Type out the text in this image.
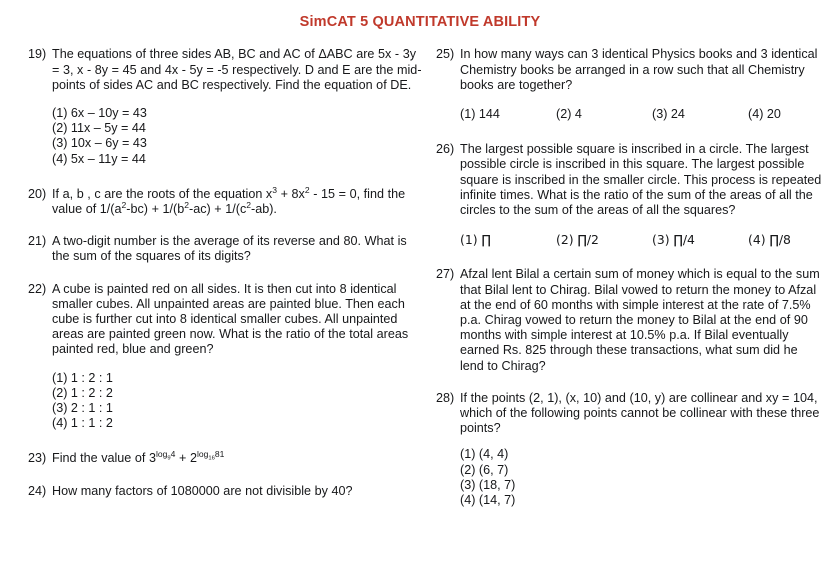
SimCAT 5 QUANTITATIVE ABILITY
19) The equations of three sides AB, BC and AC of ΔABC are 5x - 3y = 3, x - 8y = 45 and 4x - 5y = -5 respectively. D and E are the mid-points of sides AC and BC respectively. Find the equation of DE.
(1) 6x – 10y = 43
(2) 11x – 5y = 44
(3) 10x – 6y = 43
(4) 5x – 11y = 44
20) If a, b , c are the roots of the equation $x^3 + 8x^2 - 15 = 0$, find the value of $1/(a^2-bc) + 1/(b^2-ac) + 1/(c^2-ab)$.
21) A two-digit number is the average of its reverse and 80. What is the sum of the squares of its digits?
22) A cube is painted red on all sides. It is then cut into 8 identical smaller cubes. All unpainted areas are painted blue. Then each cube is further cut into 8 identical smaller cubes. All unpainted areas are painted green now. What is the ratio of the total areas painted red, blue and green?
(1) 1 : 2 : 1
(2) 1 : 2 : 2
(3) 2 : 1 : 1
(4) 1 : 1 : 2
23) Find the value of $3^{log_94} + 2^{log_{16}81}$
24) How many factors of 1080000 are not divisible by 40?
25) In how many ways can 3 identical Physics books and 3 identical Chemistry books be arranged in a row such that all Chemistry books are together?
(1) 144	(2) 4	(3) 24	(4) 20
26) The largest possible square is inscribed in a circle. The largest possible circle is inscribed in this square. The largest possible square is inscribed in the smaller circle. This process is repeated infinite times. What is the ratio of the sum of the areas of all the circles to the sum of the areas of all the squares?
(1) ∏	(2) ∏/2	(3) ∏/4	(4) ∏/8
27) Afzal lent Bilal a certain sum of money which is equal to the sum that Bilal lent to Chirag. Bilal vowed to return the money to Afzal at the end of 60 months with simple interest at the rate of 7.5% p.a. Chirag vowed to return the money to Bilal at the end of 90 months with simple interest at 10.5% p.a. If Bilal eventually earned Rs. 825 through these transactions, what sum did he lend to Chirag?
28) If the points (2, 1), (x, 10) and (10, y) are collinear and xy = 104, which of the following points cannot be collinear with these three points?
(1) (4, 4)
(2) (6, 7)
(3) (18, 7)
(4) (14, 7)
